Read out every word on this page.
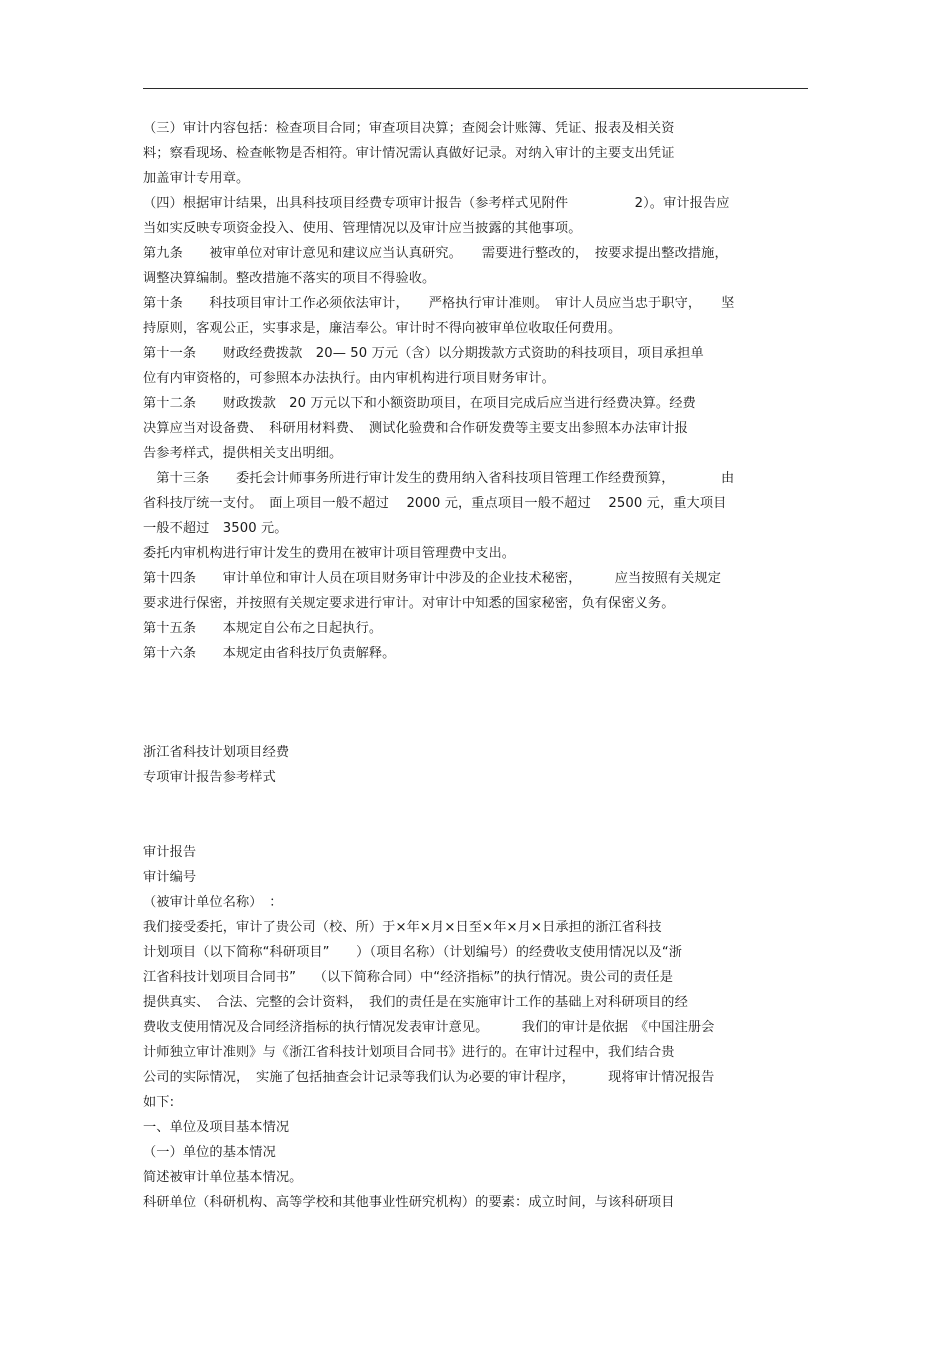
（三）审计内容包括：检查项目合同；审查项目决算；查阅会计账簿、凭证、报表及相关资
料；察看现场、检查帐物是否相符。审计情况需认真做好记录。对纳入审计的主要支出凭证
加盖审计专用章。
（四）根据审计结果，出具科技项目经费专项审计报告（参考样式见附件　　　　　2）。审计报告应
当如实反映专项资金投入、使用、管理情况以及审计应当披露的其他事项。
第九条　　被审单位对审计意见和建议应当认真研究。　　需要进行整改的，　按要求提出整改措施，
调整决算编制。整改措施不落实的项目不得验收。
第十条　　科技项目审计工作必须依法审计，　　严格执行审计准则。　审计人员应当忠于职守，　　坚
持原则，客观公正，实事求是，廉洁奉公。审计时不得向被审单位收取任何费用。
第十一条　　财政经费拨款　20— 50 万元（含）以分期拨款方式资助的科技项目，项目承担单
位有内审资格的，可参照本办法执行。由内审机构进行项目财务审计。
第十二条　　财政拨款　20 万元以下和小额资助项目，在项目完成后应当进行经费决算。经费
决算应当对设备费、　科研用材料费、　测试化验费和合作研发费等主要支出参照本办法审计报
告参考样式，提供相关支出明细。
　第十三条　　委托会计师事务所进行审计发生的费用纳入省科技项目管理工作经费预算，　　　　由
省科技厅统一支付。　面上项目一般不超过　 2000 元，重点项目一般不超过　 2500 元，重大项目
一般不超过　3500 元。
委托内审机构进行审计发生的费用在被审计项目管理费中支出。
第十四条　　审计单位和审计人员在项目财务审计中涉及的企业技术秘密，　　　应当按照有关规定
要求进行保密，并按照有关规定要求进行审计。对审计中知悉的国家秘密，负有保密义务。
第十五条　　本规定自公布之日起执行。
第十六条　　本规定由省科技厅负责解释。
浙江省科技计划项目经费
专项审计报告参考样式
审计报告
审计编号
（被审计单位名称）　：
我们接受委托，审计了贵公司（校、所）于×年×月×日至×年×月×日承担的浙江省科技
计划项目（以下简称“科研项目”　　）（项目名称）（计划编号）的经费收支使用情况以及“浙
江省科技计划项目合同书”　 （以下简称合同）中“经济指标”的执行情况。贵公司的责任是
提供真实、　合法、完整的会计资料，　我们的责任是在实施审计工作的基础上对科研项目的经
费收支使用情况及合同经济指标的执行情况发表审计意见。　　　我们的审计是依据　《中国注册会
计师独立审计准则》与《浙江省科技计划项目合同书》进行的。在审计过程中，我们结合贵
公司的实际情况，　实施了包括抽查会计记录等我们认为必要的审计程序，　　　现将审计情况报告
如下:
一、单位及项目基本情况
（一）单位的基本情况
简述被审计单位基本情况。
科研单位（科研机构、高等学校和其他事业性研究机构）的要素：成立时间，与该科研项目
